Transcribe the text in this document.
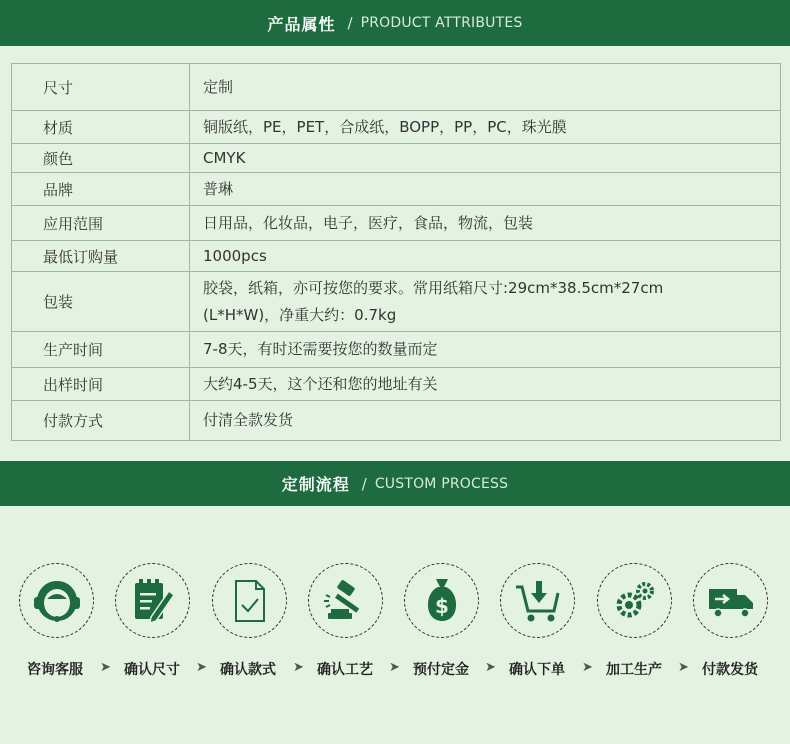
产品属性 / PRODUCT ATTRIBUTES
尺寸	定制
材质	铜版纸，PE，PET，合成纸，BOPP，PP，PC，珠光膜
颜色	CMYK
品牌	普琳
应用范围	日用品，化妆品，电子，医疗，食品，物流，包装
最低订购量	1000pcs
包装	胶袋，纸箱，亦可按您的要求。常用纸箱尺寸:29cm*38.5cm*27cm
(L*H*W)，净重大约：0.7kg

生产时间	7-8天，有时还需要按您的数量而定
出样时间	大约4-5天，这个还和您的地址有关
付款方式	付清全款发货
定制流程 / CUSTOM PROCESS
$
咨询客服 ➤ 确认尺寸 ➤ 确认款式 ➤ 确认工艺 ➤ 预付定金 ➤ 确认下单 ➤ 加工生产 ➤ 付款发货
